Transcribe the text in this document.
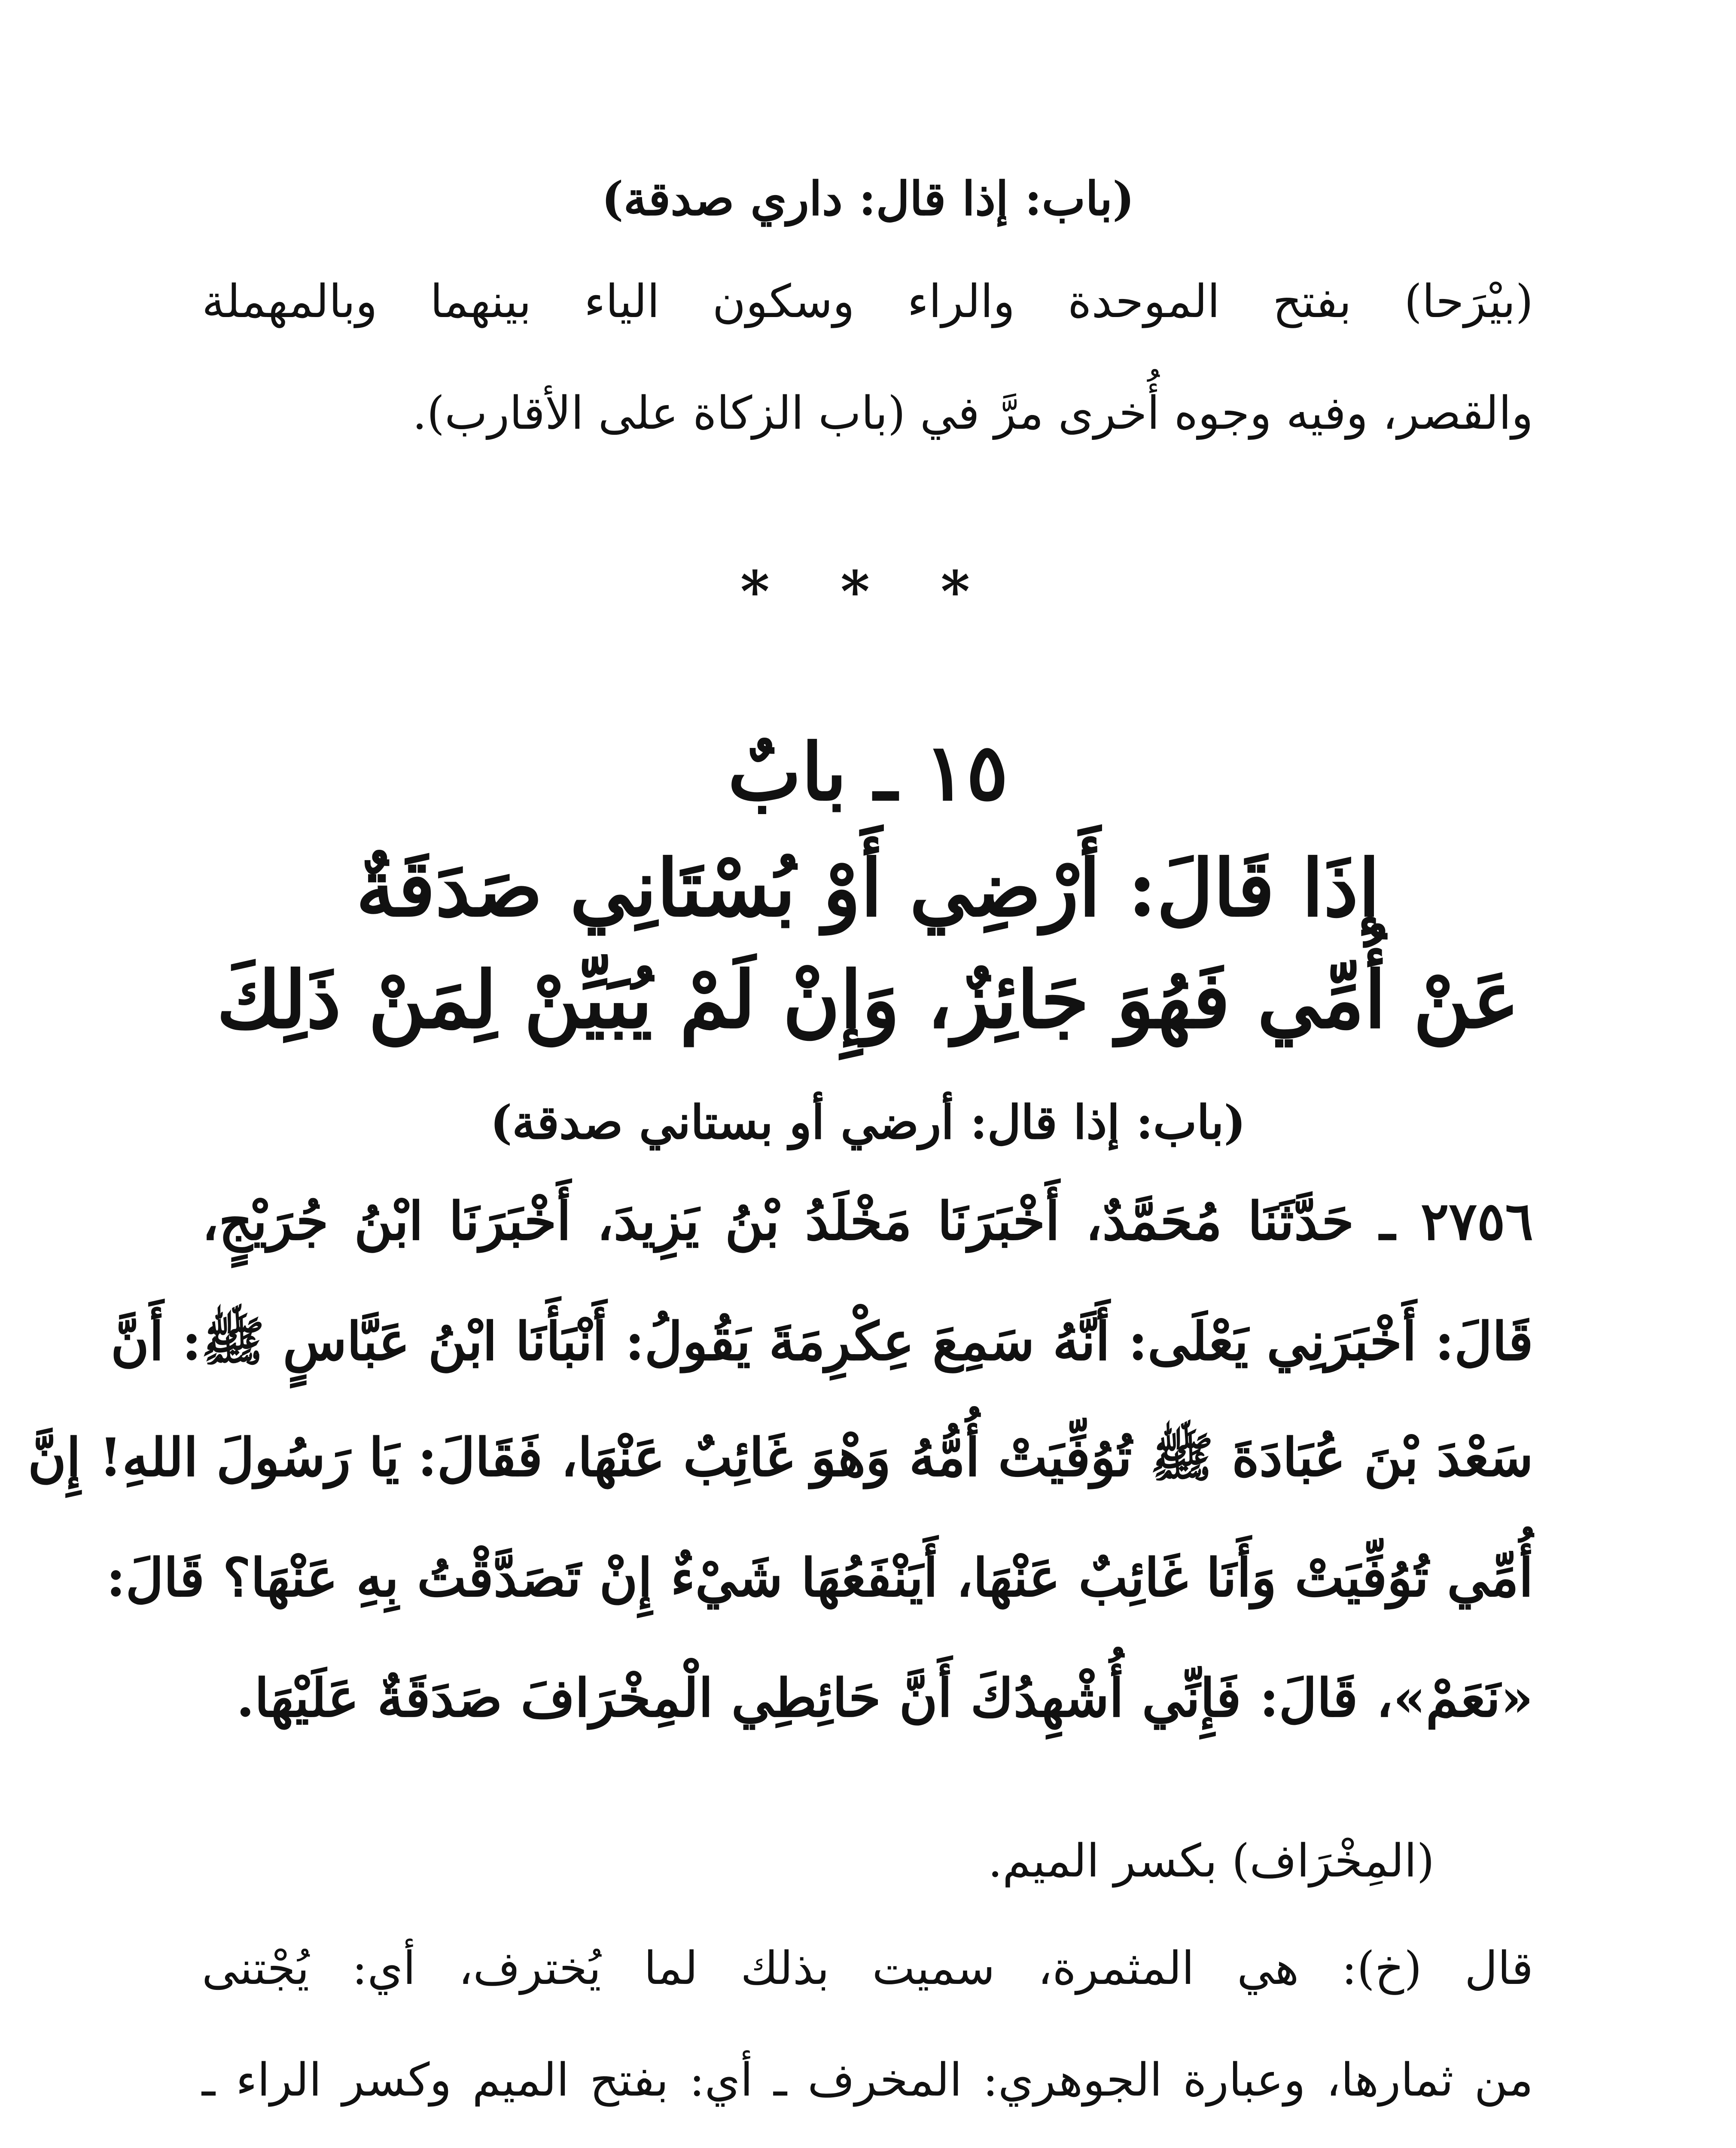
(باب: إذا قال: داري صدقة)
(بيْرَحا) بفتح الموحدة والراء وسكون الياء بينهما وبالمهملة
والقصر، وفيه وجوه أُخرى مرَّ في (باب الزكاة على الأقارب).
* * *
١٥ ـ بابٌ
إذَا قَالَ: أَرْضِي أَوْ بُسْتَانِي صَدَقَةٌ
عَنْ أُمِّي فَهُوَ جَائِزٌ، وَإِنْ لَمْ يُبَيِّنْ لِمَنْ ذَلِكَ
(باب: إذا قال: أرضي أو بستاني صدقة)
٢٧٥٦ ـ حَدَّثَنَا مُحَمَّدٌ، أَخْبَرَنَا مَخْلَدُ بْنُ يَزِيدَ، أَخْبَرَنَا ابْنُ جُرَيْجٍ،
قَالَ: أَخْبَرَنِي يَعْلَى: أَنَّهُ سَمِعَ عِكْرِمَةَ يَقُولُ: أَنْبَأَنَا ابْنُ عَبَّاسٍ ﷺ: أَنَّ
سَعْدَ بْنَ عُبَادَةَ ﷺ تُوُفِّيَتْ أُمُّهُ وَهْوَ غَائِبٌ عَنْهَا، فَقَالَ: يَا رَسُولَ اللهِ! إِنَّ
أُمِّي تُوُفِّيَتْ وَأَنَا غَائِبٌ عَنْهَا، أَيَنْفَعُهَا شَيْءٌ إِنْ تَصَدَّقْتُ بِهِ عَنْهَا؟ قَالَ:
«نَعَمْ»، قَالَ: فَإِنِّي أُشْهِدُكَ أَنَّ حَائِطِي الْمِخْرَافَ صَدَقَةٌ عَلَيْهَا.
(المِخْرَاف) بكسر الميم.
قال (خ): هي المثمرة، سميت بذلك لما يُخترف، أي: يُجْتنى
من ثمارها، وعبارة الجوهري: المخرف ـ أي: بفتح الميم وكسر الراء ـ
